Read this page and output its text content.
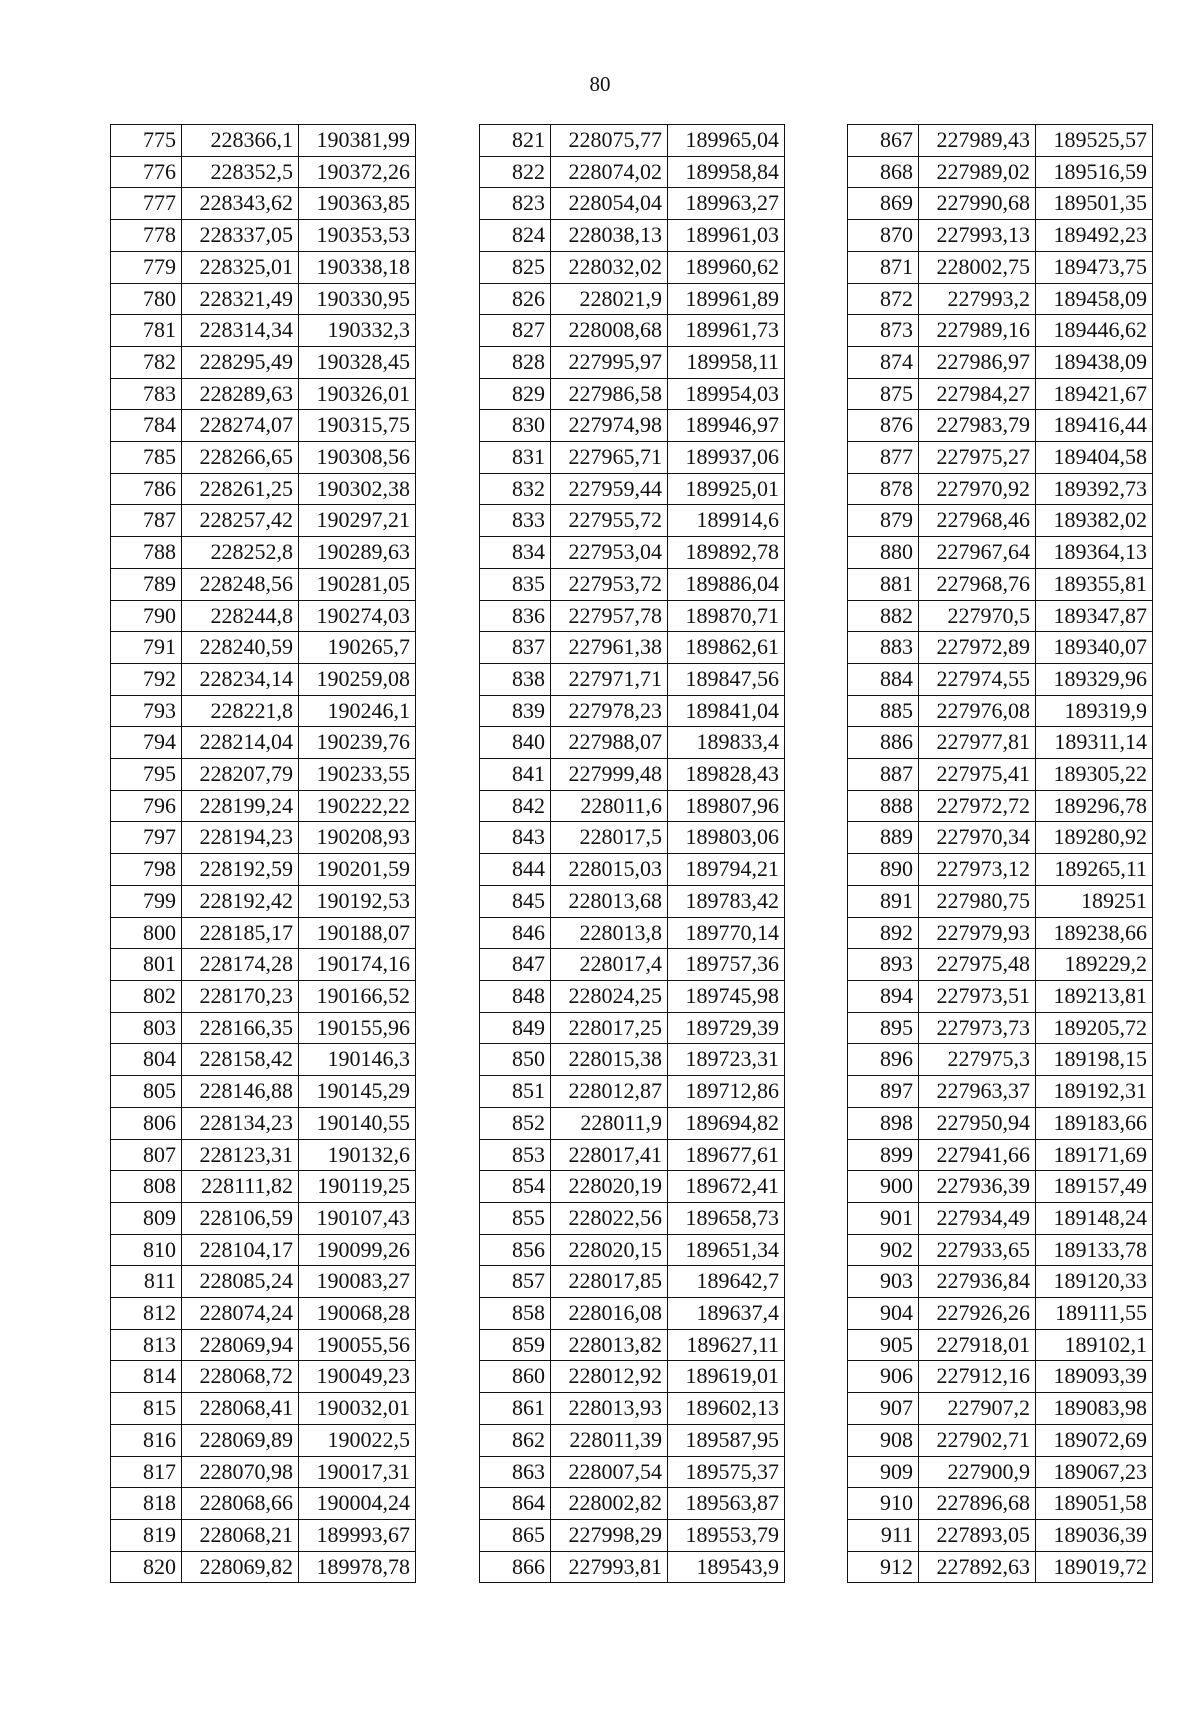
80
775	228366,1	190381,99
776	228352,5	190372,26
777	228343,62	190363,85
778	228337,05	190353,53
779	228325,01	190338,18
780	228321,49	190330,95
781	228314,34	190332,3
782	228295,49	190328,45
783	228289,63	190326,01
784	228274,07	190315,75
785	228266,65	190308,56
786	228261,25	190302,38
787	228257,42	190297,21
788	228252,8	190289,63
789	228248,56	190281,05
790	228244,8	190274,03
791	228240,59	190265,7
792	228234,14	190259,08
793	228221,8	190246,1
794	228214,04	190239,76
795	228207,79	190233,55
796	228199,24	190222,22
797	228194,23	190208,93
798	228192,59	190201,59
799	228192,42	190192,53
800	228185,17	190188,07
801	228174,28	190174,16
802	228170,23	190166,52
803	228166,35	190155,96
804	228158,42	190146,3
805	228146,88	190145,29
806	228134,23	190140,55
807	228123,31	190132,6
808	228111,82	190119,25
809	228106,59	190107,43
810	228104,17	190099,26
811	228085,24	190083,27
812	228074,24	190068,28
813	228069,94	190055,56
814	228068,72	190049,23
815	228068,41	190032,01
816	228069,89	190022,5
817	228070,98	190017,31
818	228068,66	190004,24
819	228068,21	189993,67
820	228069,82	189978,78
821	228075,77	189965,04
822	228074,02	189958,84
823	228054,04	189963,27
824	228038,13	189961,03
825	228032,02	189960,62
826	228021,9	189961,89
827	228008,68	189961,73
828	227995,97	189958,11
829	227986,58	189954,03
830	227974,98	189946,97
831	227965,71	189937,06
832	227959,44	189925,01
833	227955,72	189914,6
834	227953,04	189892,78
835	227953,72	189886,04
836	227957,78	189870,71
837	227961,38	189862,61
838	227971,71	189847,56
839	227978,23	189841,04
840	227988,07	189833,4
841	227999,48	189828,43
842	228011,6	189807,96
843	228017,5	189803,06
844	228015,03	189794,21
845	228013,68	189783,42
846	228013,8	189770,14
847	228017,4	189757,36
848	228024,25	189745,98
849	228017,25	189729,39
850	228015,38	189723,31
851	228012,87	189712,86
852	228011,9	189694,82
853	228017,41	189677,61
854	228020,19	189672,41
855	228022,56	189658,73
856	228020,15	189651,34
857	228017,85	189642,7
858	228016,08	189637,4
859	228013,82	189627,11
860	228012,92	189619,01
861	228013,93	189602,13
862	228011,39	189587,95
863	228007,54	189575,37
864	228002,82	189563,87
865	227998,29	189553,79
866	227993,81	189543,9
867	227989,43	189525,57
868	227989,02	189516,59
869	227990,68	189501,35
870	227993,13	189492,23
871	228002,75	189473,75
872	227993,2	189458,09
873	227989,16	189446,62
874	227986,97	189438,09
875	227984,27	189421,67
876	227983,79	189416,44
877	227975,27	189404,58
878	227970,92	189392,73
879	227968,46	189382,02
880	227967,64	189364,13
881	227968,76	189355,81
882	227970,5	189347,87
883	227972,89	189340,07
884	227974,55	189329,96
885	227976,08	189319,9
886	227977,81	189311,14
887	227975,41	189305,22
888	227972,72	189296,78
889	227970,34	189280,92
890	227973,12	189265,11
891	227980,75	189251
892	227979,93	189238,66
893	227975,48	189229,2
894	227973,51	189213,81
895	227973,73	189205,72
896	227975,3	189198,15
897	227963,37	189192,31
898	227950,94	189183,66
899	227941,66	189171,69
900	227936,39	189157,49
901	227934,49	189148,24
902	227933,65	189133,78
903	227936,84	189120,33
904	227926,26	189111,55
905	227918,01	189102,1
906	227912,16	189093,39
907	227907,2	189083,98
908	227902,71	189072,69
909	227900,9	189067,23
910	227896,68	189051,58
911	227893,05	189036,39
912	227892,63	189019,72
